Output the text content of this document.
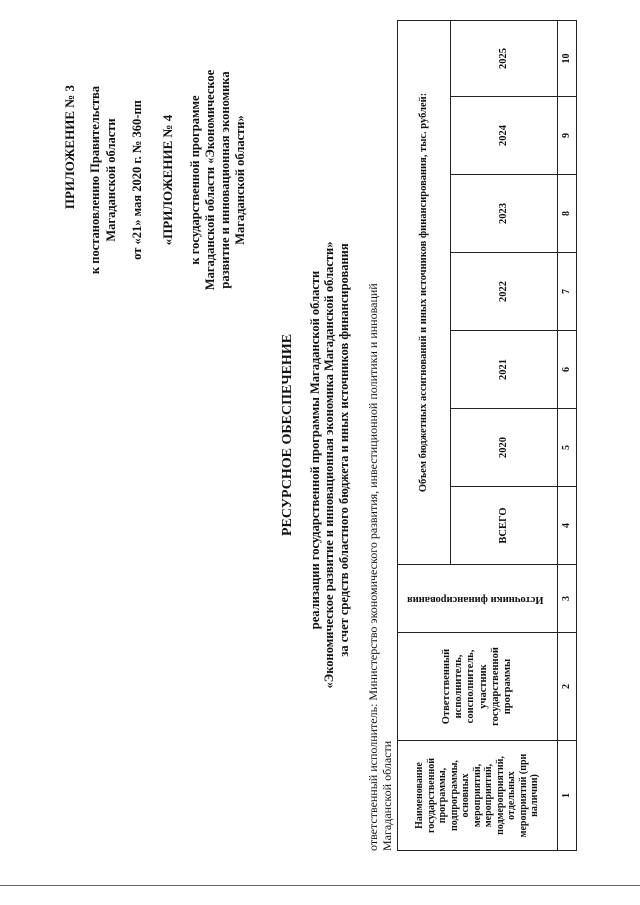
ПРИЛОЖЕНИЕ № 3 к постановлению Правительства Магаданской области от «21» мая 2020 г. № 360-пп «ПРИЛОЖЕНИЕ № 4 к государственной программе Магаданской области «Экономическое развитие и инновационная экономика Магаданской области»
РЕСУРСНОЕ ОБЕСПЕЧЕНИЕ реализации государственной программы Магаданской области «Экономическое развитие и инновационная экономика Магаданской области» за счет средств областного бюджета и иных источников финансирования ответственный исполнитель: Министерство экономического развития, инвестиционной политики и инноваций Магаданской области Наименование государственной программы, подпрограммы, основных мероприятий, мероприятий, подмероприятий, отдельных мероприятий (при наличии)	Ответственный исполнитель, соисполнитель, участник государственной программы	Источники финансирования	Объем бюджетных ассигнований и иных источников финансирования, тыс. рублей:						
			ВСЕГО	2020	2021	2022	2023	2024	2025
1	2	3	4	5	6	7	8	9	10
